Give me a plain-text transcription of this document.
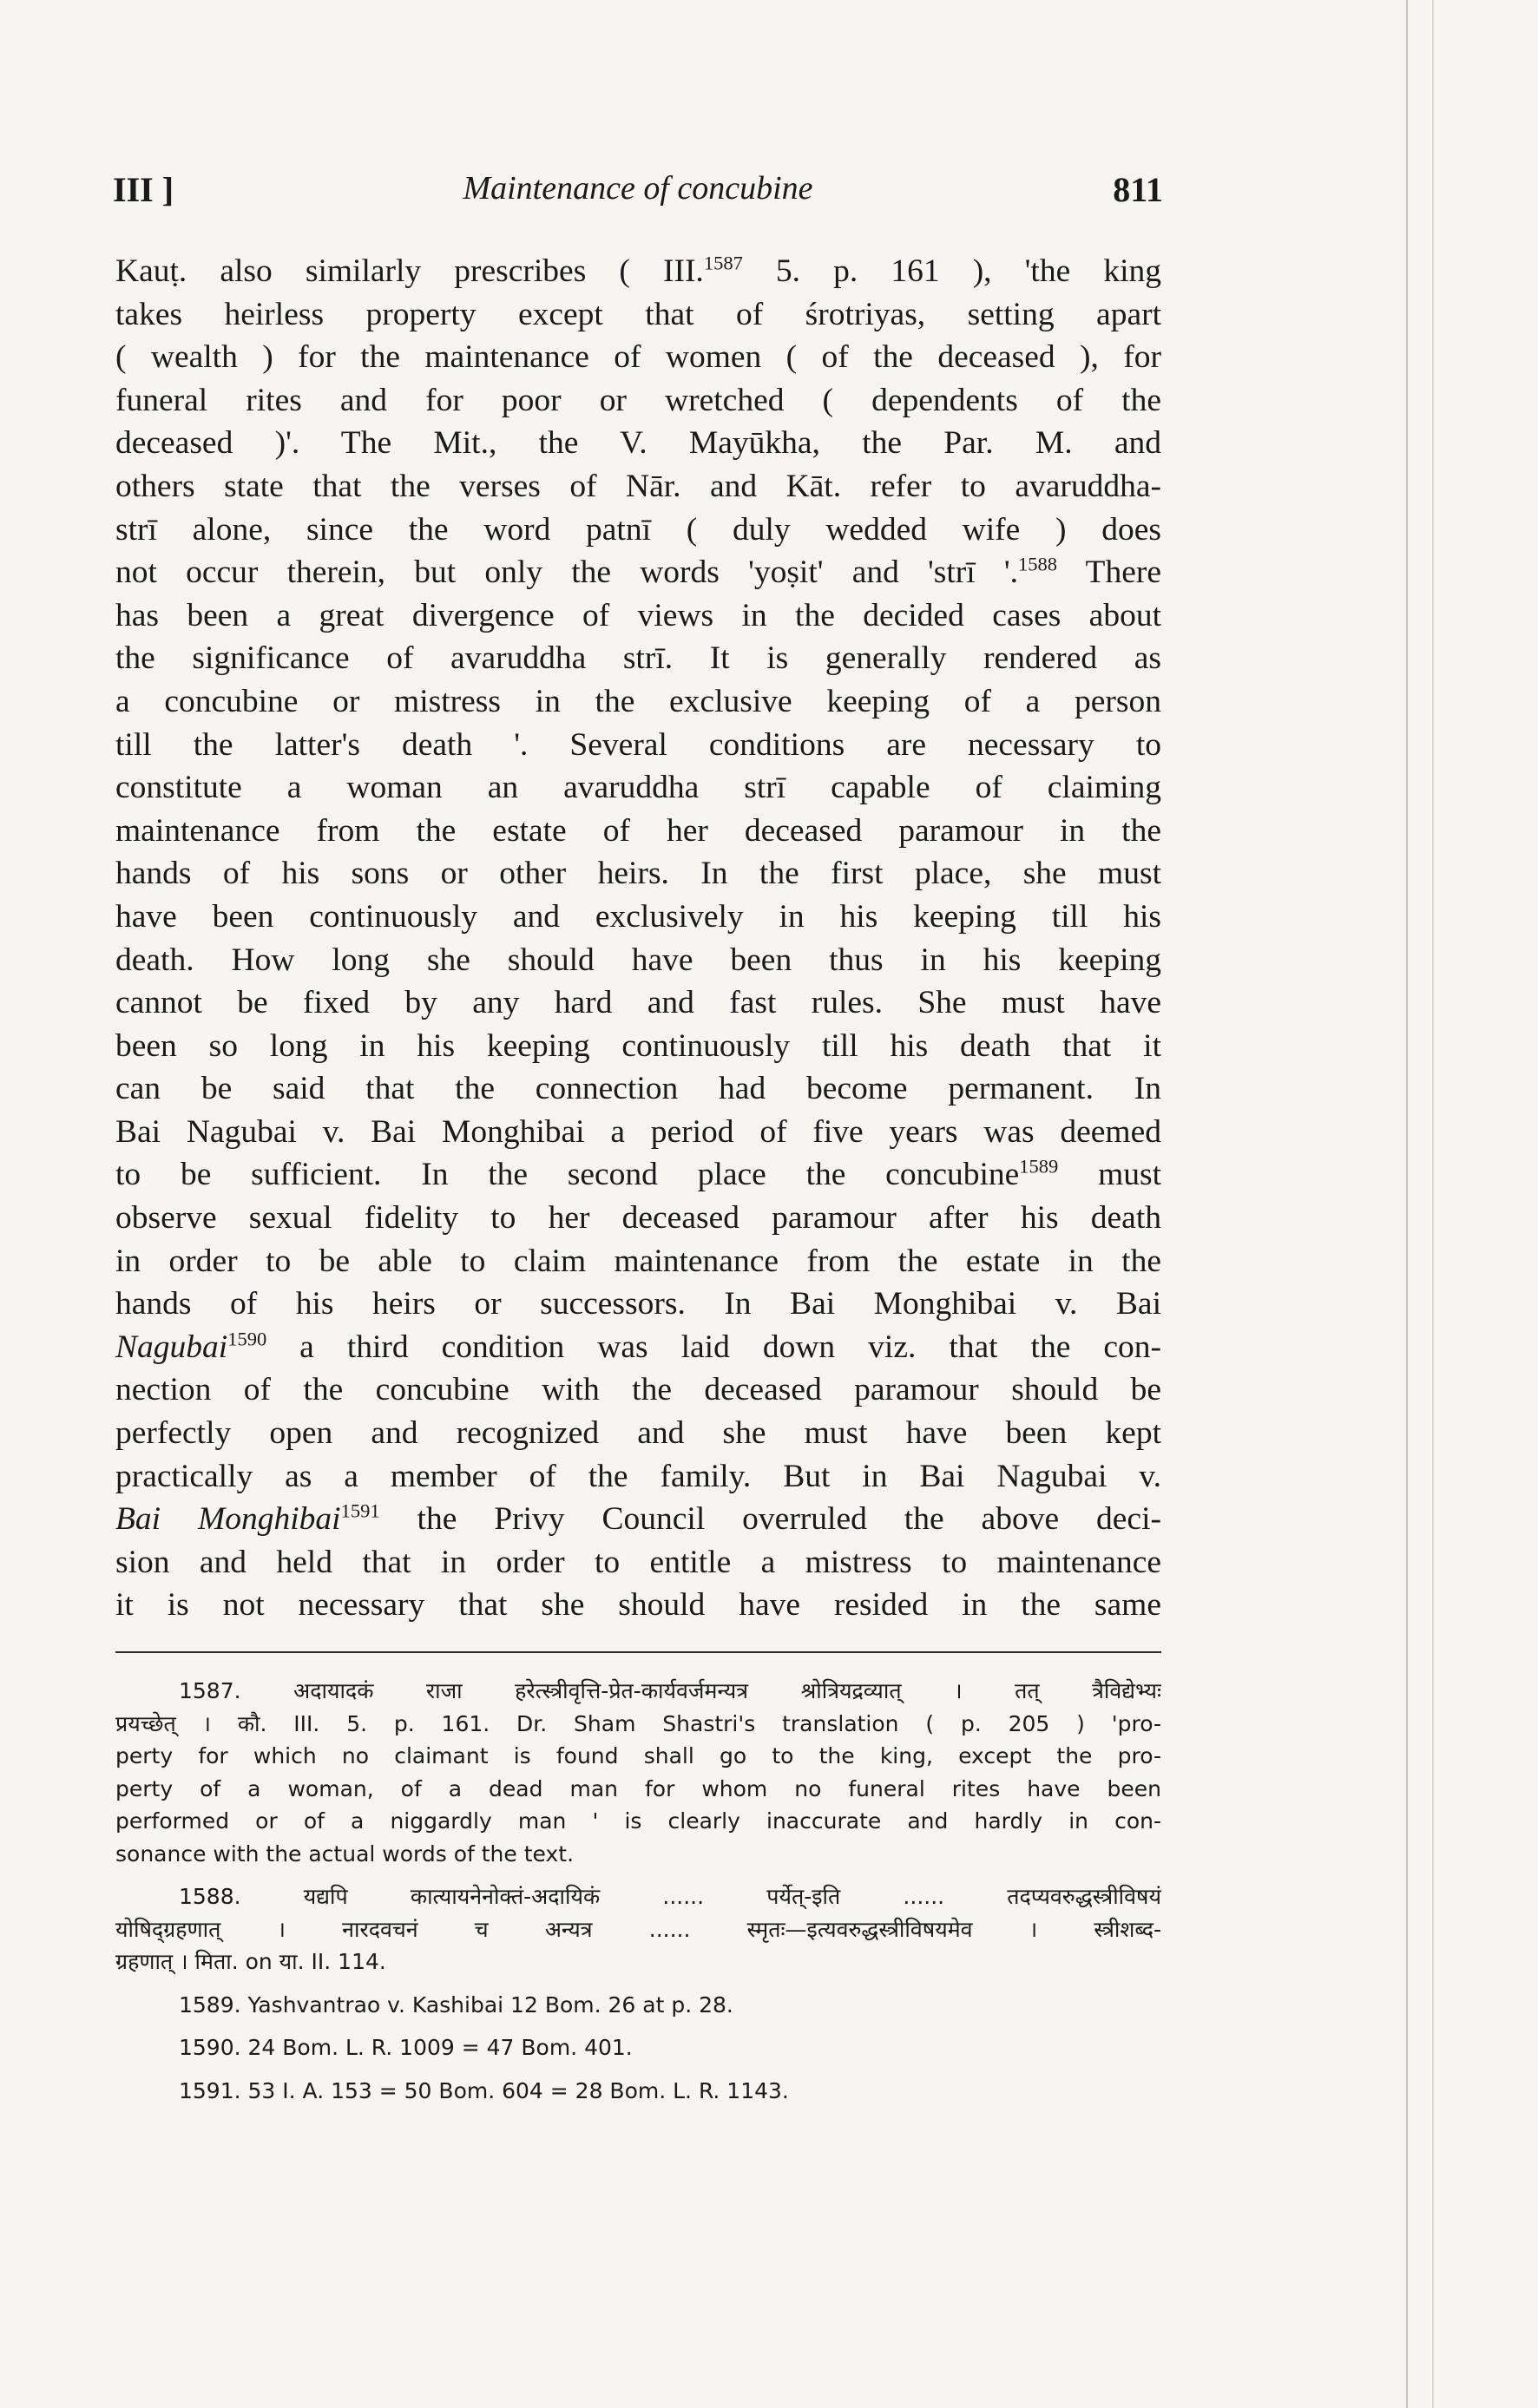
III ]	Maintenance of concubine	811
Kauṭ. also similarly prescribes ( III.$^{1587}$ 5. p. 161 ), 'the king
takes heirless property except that of śrotriyas, setting apart
( wealth ) for the maintenance of women ( of the deceased ), for
funeral rites and for poor or wretched ( dependents of the
deceased )'. The Mit., the V. Mayūkha, the Par. M. and
others state that the verses of Nār. and Kāt. refer to avaruddha-
strī alone, since the word patnī ( duly wedded wife ) does
not occur therein, but only the words 'yoṣit' and 'strī '.$^{1588}$ There
has been a great divergence of views in the decided cases about
the significance of avaruddha strī. It is generally rendered as
a concubine or mistress in the exclusive keeping of a person
till the latter's death '. Several conditions are necessary to
constitute a woman an avaruddha strī capable of claiming
maintenance from the estate of her deceased paramour in the
hands of his sons or other heirs. In the first place, she must
have been continuously and exclusively in his keeping till his
death. How long she should have been thus in his keeping
cannot be fixed by any hard and fast rules. She must have
been so long in his keeping continuously till his death that it
can be said that the connection had become permanent. In
Bai Nagubai v. Bai Monghibai a period of five years was deemed
to be sufficient. In the second place the concubine$^{1589}$ must
observe sexual fidelity to her deceased paramour after his death
in order to be able to claim maintenance from the estate in the
hands of his heirs or successors. In Bai Monghibai v. Bai
Nagubai$^{1590}$ a third condition was laid down viz. that the con-
nection of the concubine with the deceased paramour should be
perfectly open and recognized and she must have been kept
practically as a member of the family. But in Bai Nagubai v.
Bai Monghibai$^{1591}$ the Privy Council overruled the above deci-
sion and held that in order to entitle a mistress to maintenance
it is not necessary that she should have resided in the same
1587. अदायादकं राजा हरेत्स्त्रीवृत्ति-प्रेत-कार्यवर्जमन्यत्र श्रोत्रियद्रव्यात् । तत् त्रैविद्येभ्यः
प्रयच्छेत् । कौ. III. 5. p. 161. Dr. Sham Shastri's translation ( p. 205 ) 'pro-
perty for which no claimant is found shall go to the king, except the pro-
perty of a woman, of a dead man for whom no funeral rites have been
performed or of a niggardly man ' is clearly inaccurate and hardly in con-
sonance with the actual words of the text.
1588. यद्यपि कात्यायनेनोक्तं-अदायिकं ...... पर्येत्-इति ...... तदप्यवरुद्धस्त्रीविषयं
योषिद्ग्रहणात् । नारदवचनं च अन्यत्र ...... स्मृतः—इत्यवरुद्धस्त्रीविषयमेव । स्त्रीशब्द-
ग्रहणात् । मिता. on या. II. 114.
1589. Yashvantrao v. Kashibai 12 Bom. 26 at p. 28.
1590. 24 Bom. L. R. 1009 = 47 Bom. 401.
1591. 53 I. A. 153 = 50 Bom. 604 = 28 Bom. L. R. 1143.
